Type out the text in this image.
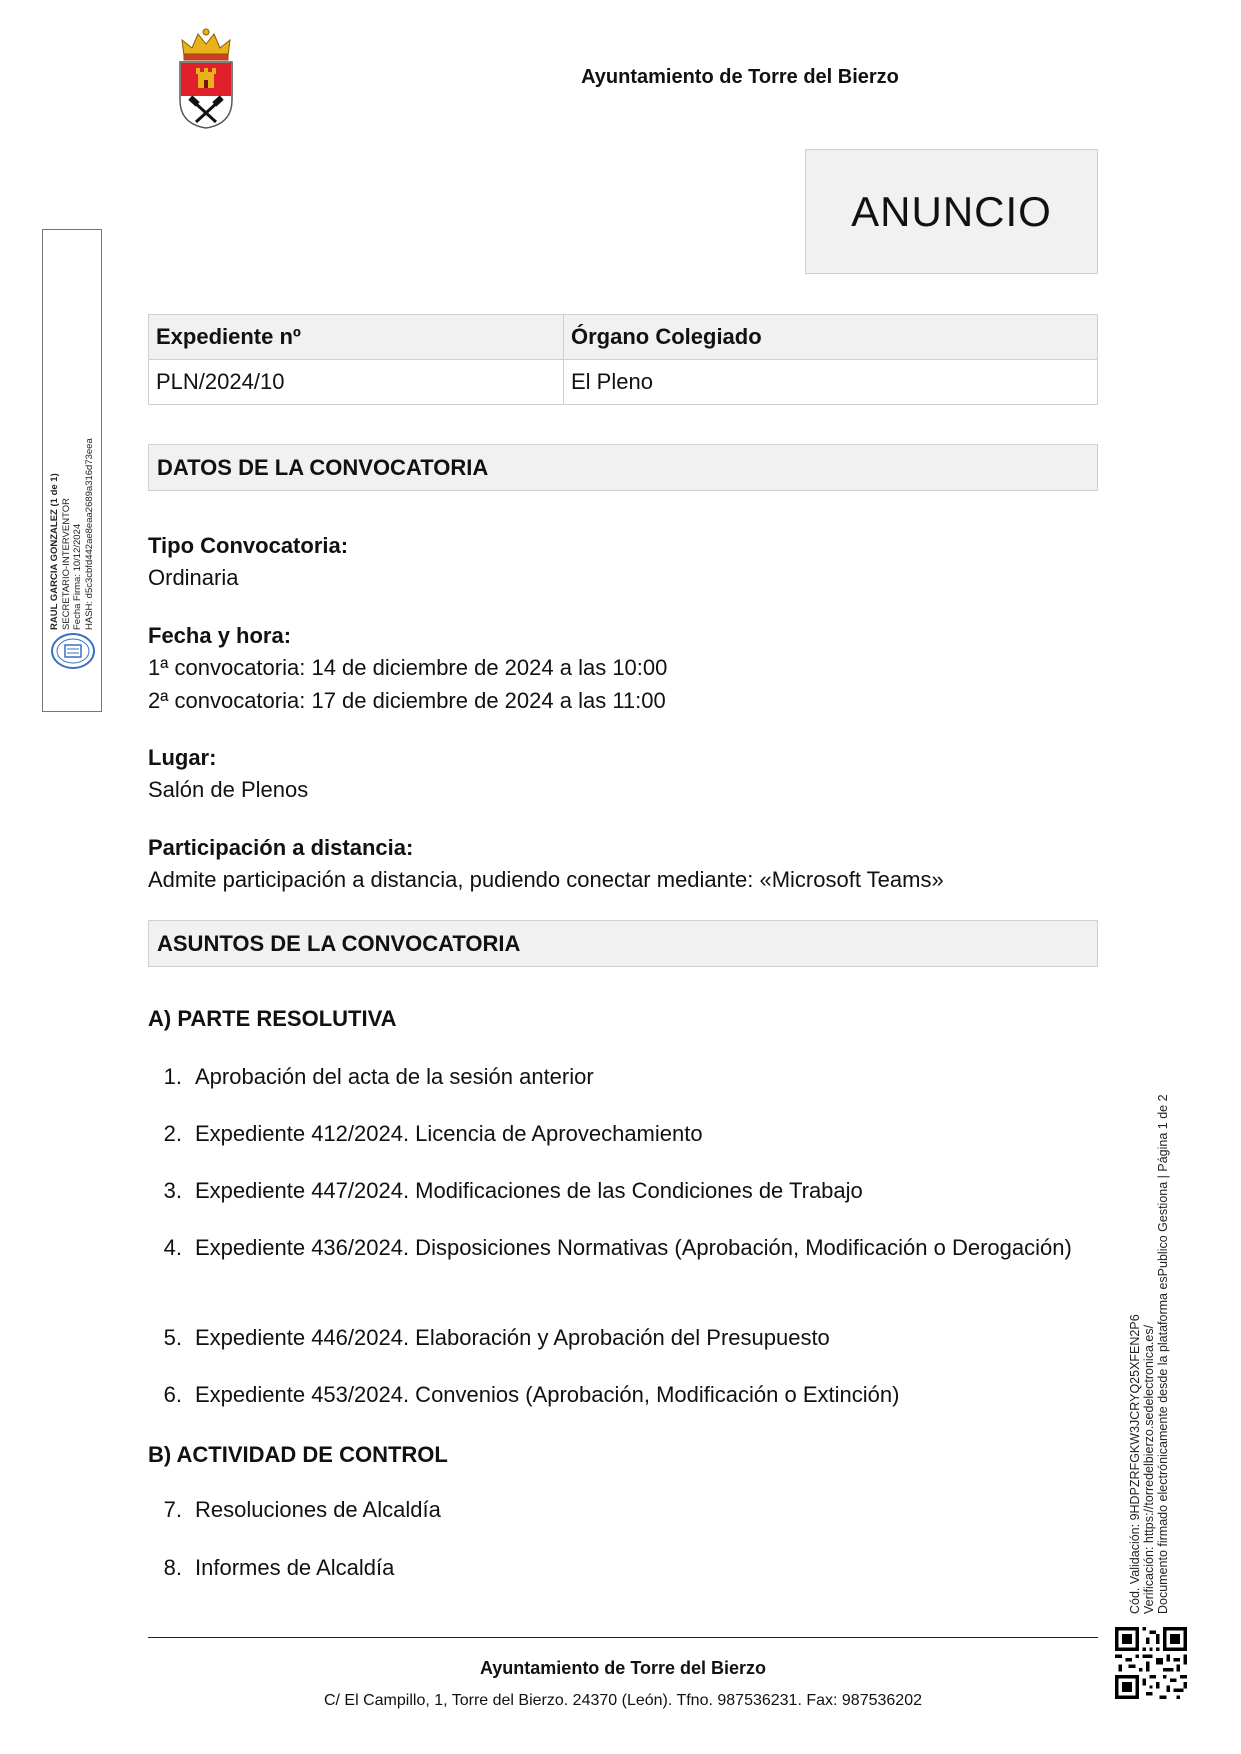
Ayuntamiento de Torre del Bierzo
ANUNCIO
Expediente nº	Órgano Colegiado
PLN/2024/10	El Pleno
DATOS DE LA CONVOCATORIA
Tipo Convocatoria:
Ordinaria
Fecha y hora:
1ª convocatoria: 14 de diciembre de 2024 a las 10:00
2ª convocatoria: 17 de diciembre de 2024 a las 11:00
Lugar:
Salón de Plenos
Participación a distancia:
Admite participación a distancia, pudiendo conectar mediante: «Microsoft Teams»
ASUNTOS DE LA CONVOCATORIA
A) PARTE RESOLUTIVA
1. Aprobación del acta de la sesión anterior
2. Expediente 412/2024. Licencia de Aprovechamiento
3. Expediente 447/2024. Modificaciones de las Condiciones de Trabajo
4. Expediente 436/2024. Disposiciones Normativas (Aprobación, Modificación o Derogación)
5. Expediente 446/2024. Elaboración y Aprobación del Presupuesto
6. Expediente 453/2024. Convenios (Aprobación, Modificación o Extinción)
B) ACTIVIDAD DE CONTROL
7. Resoluciones de Alcaldía
8. Informes de Alcaldía
Ayuntamiento de Torre del Bierzo
C/ El Campillo, 1, Torre del Bierzo. 24370 (León). Tfno. 987536231. Fax: 987536202
RAUL GARCIA GONZALEZ (1 de 1) SECRETARIO-INTERVENTOR Fecha Firma: 10/12/2024 HASH: d5c3cbfd442ae8eaa2689a316d73eea
Cód. Validación: 9HDPZRFGKW3JCRYQ25XFEN2P6 Verificación: https://torredelbierzo.sedelectronica.es/ Documento firmado electrónicamente desde la plataforma esPublico Gestiona | Página 1 de 2
